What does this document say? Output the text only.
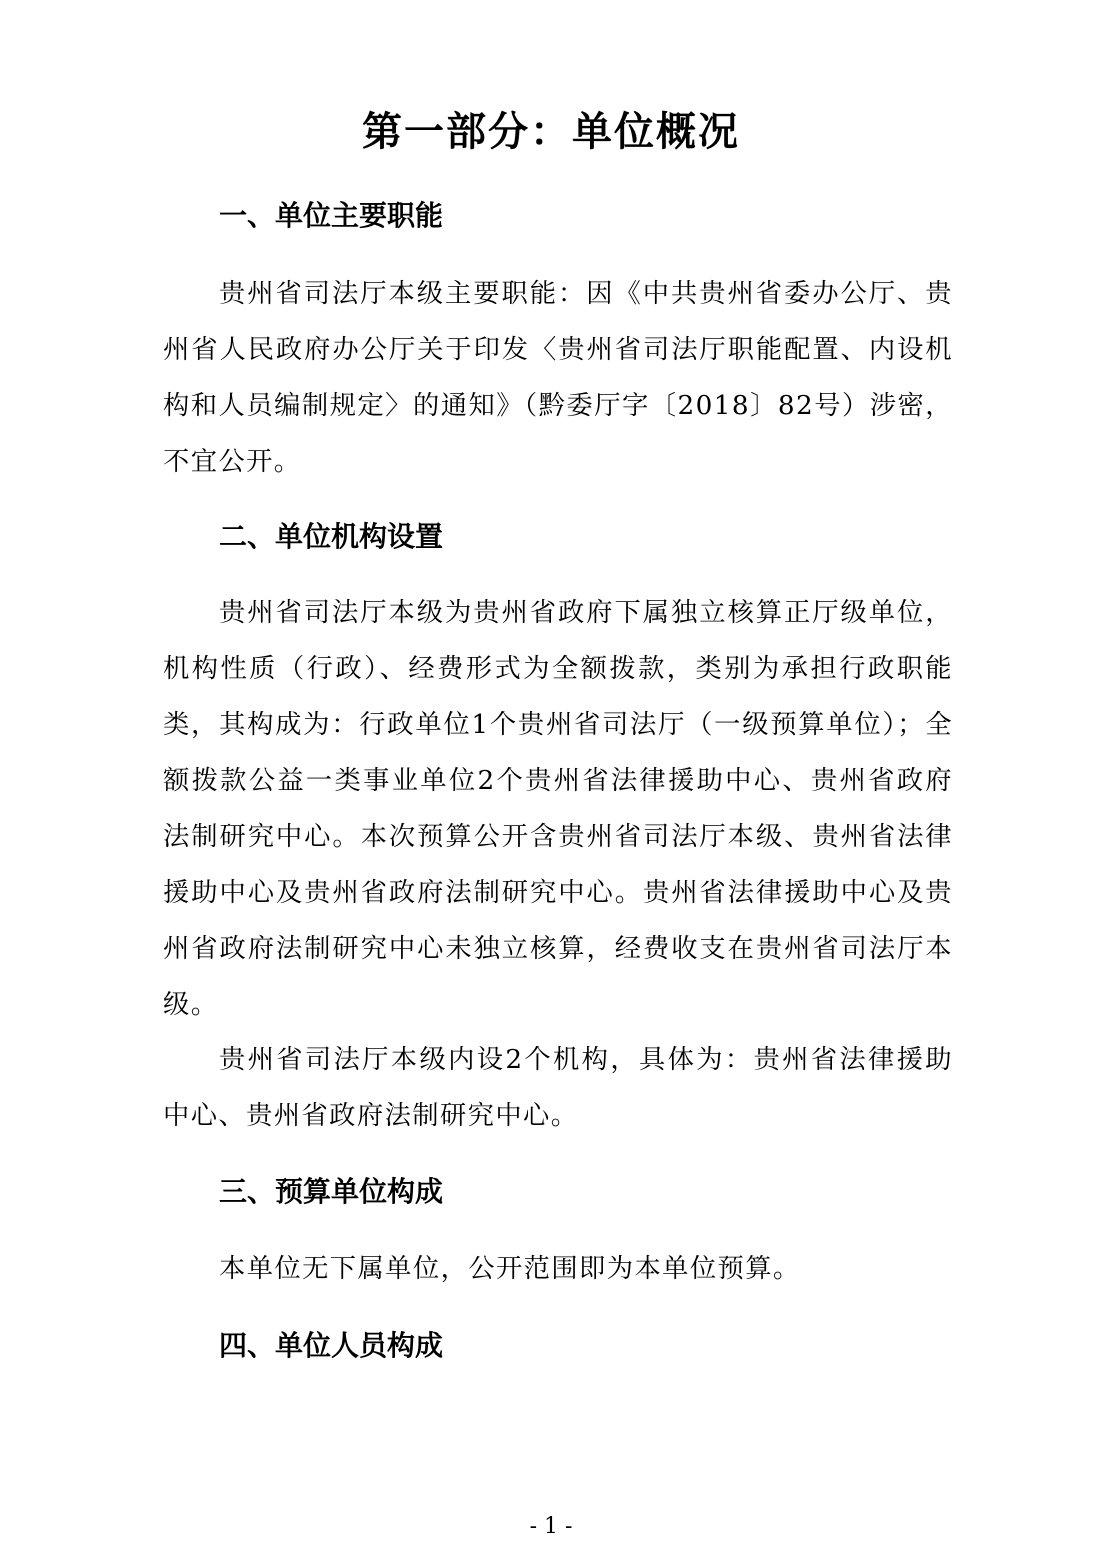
第一部分：单位概况
一、单位主要职能

贵州省司法厅本级主要职能：因《中共贵州省委办公厅、贵州省人民政府办公厅关于印发〈贵州省司法厅职能配置、内设机构和人员编制规定〉的通知》（黔委厅字〔2018〕82号）涉密，不宜公开。

二、单位机构设置

贵州省司法厅本级为贵州省政府下属独立核算正厅级单位，机构性质（行政）、经费形式为全额拨款，类别为承担行政职能类，其构成为：行政单位1个贵州省司法厅（一级预算单位）；全额拨款公益一类事业单位2个贵州省法律援助中心、贵州省政府法制研究中心。本次预算公开含贵州省司法厅本级、贵州省法律援助中心及贵州省政府法制研究中心。贵州省法律援助中心及贵州省政府法制研究中心未独立核算，经费收支在贵州省司法厅本级。

贵州省司法厅本级内设2个机构，具体为：贵州省法律援助中心、贵州省政府法制研究中心。

三、预算单位构成

本单位无下属单位，公开范围即为本单位预算。

四、单位人员构成
- 1 -
